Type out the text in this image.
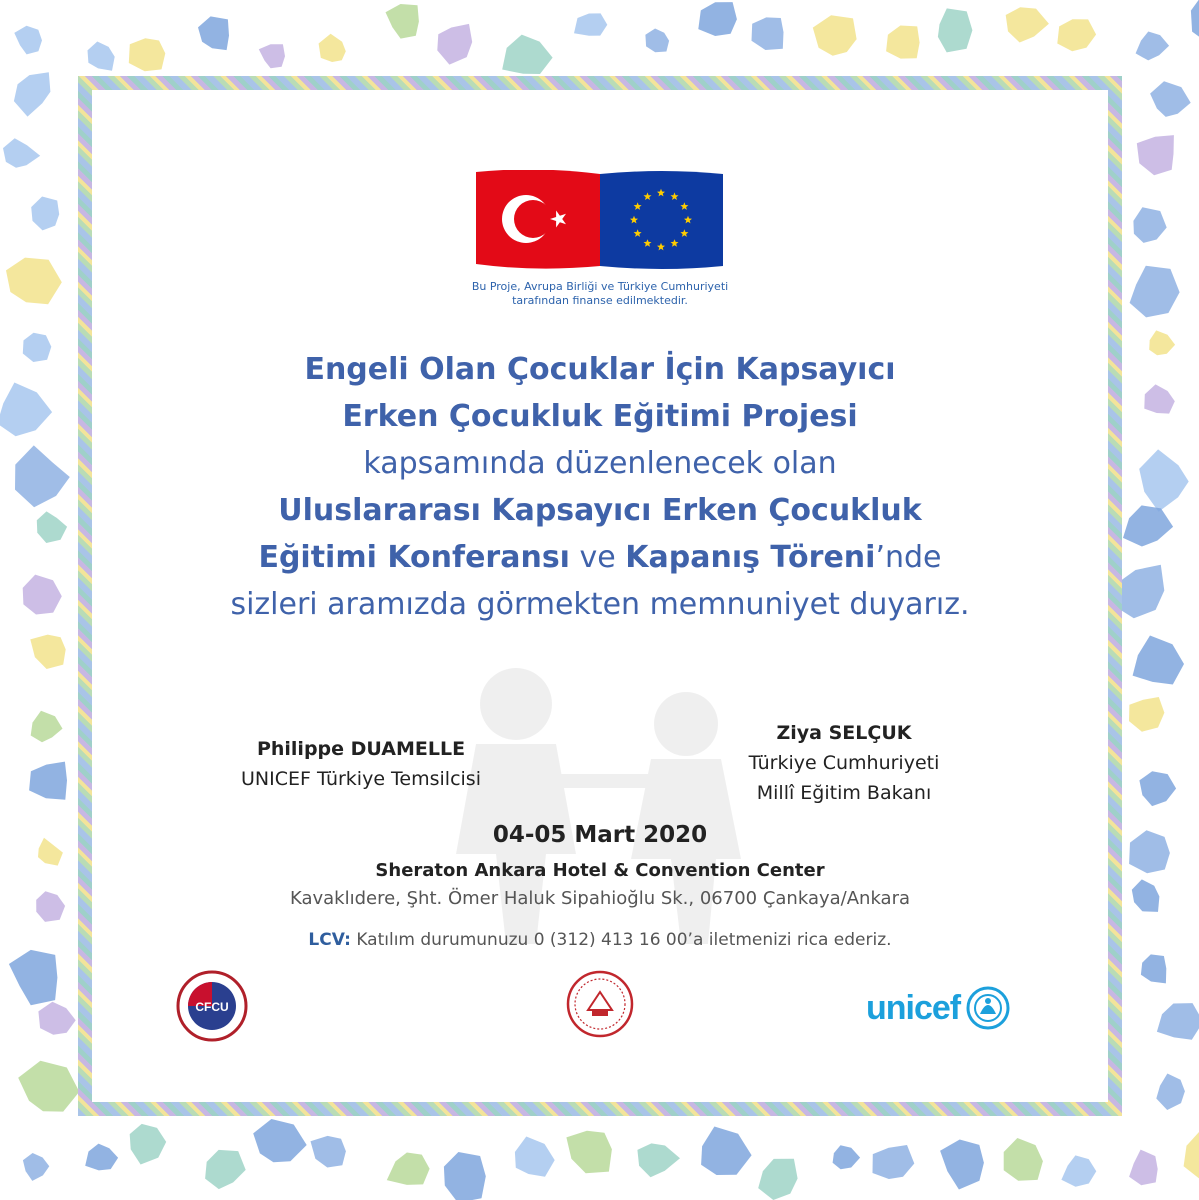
Bu Proje, Avrupa Birliği ve Türkiye Cumhuriyeti
tarafından finanse edilmektedir.
Engeli Olan Çocuklar İçin Kapsayıcı
Erken Çocukluk Eğitimi Projesi
kapsamında düzenlenecek olan
Uluslararası Kapsayıcı Erken Çocukluk
Eğitimi Konferansı ve Kapanış Töreni’nde
sizleri aramızda görmekten memnuniyet duyarız.
Philippe DUAMELLE
UNICEF Türkiye Temsilcisi
Ziya SELÇUK
Türkiye Cumhuriyeti
Millî Eğitim Bakanı
04-05 Mart 2020
Sheraton Ankara Hotel & Convention Center
Kavaklıdere, Şht. Ömer Haluk Sipahioğlu Sk., 06700 Çankaya/Ankara
LCV: Katılım durumunuzu 0 (312) 413 16 00’a iletmenizi rica ederiz.
CFCU	unicef
